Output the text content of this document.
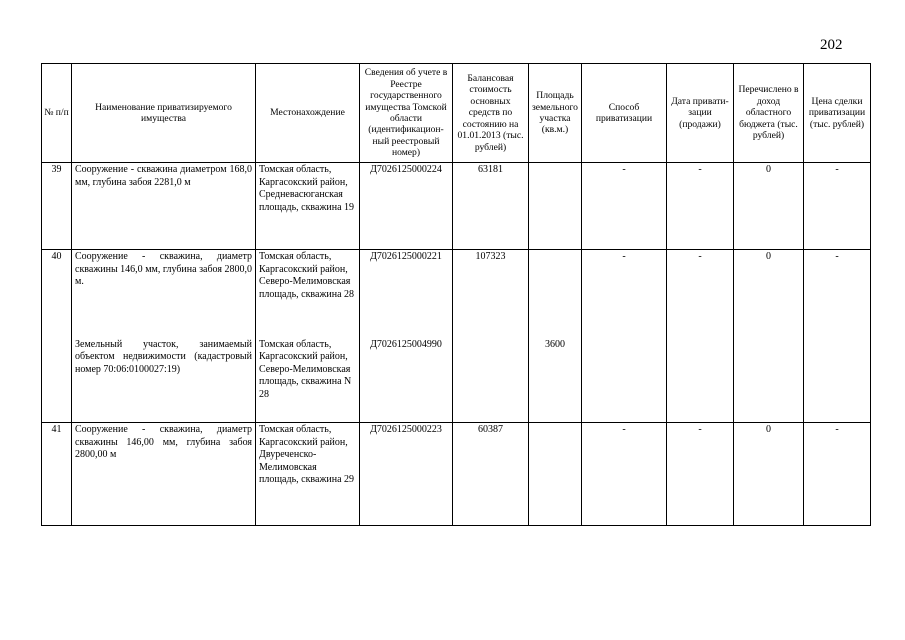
202
№ п/п	Наименование приватизируемого имущества	Местонахождение	Сведения об учете в Реестре государственного имущества Томской области (идентификацион-ный реестровый номер)	Балансовая стоимость основных средств по состоянию на 01.01.2013 (тыс. рублей)	Площадь земельного участка (кв.м.)	Способ приватизации	Дата привати-зации (продажи)	Перечислено в доход областного бюджета (тыс. рублей)	Цена сделки приватизации (тыс. рублей)
39	Сооружение - скважина диаметром 168,0 мм, глубина забоя 2281,0 м	Томская область, Каргасокский район, Средневасюганская площадь, скважина 19	Д7026125000224	63181		-	-	0	-
40	Сооружение - скважина, диаметр скважины 146,0 мм, глубина забоя 2800,0 м.	Томская область, Каргасокский район, Северо-Мелимовская площадь, скважина 28	Д7026125000221	107323		-	-	0	-
	Земельный участок, занимаемый объектом недвижимости (кадастровый номер 70:06:0100027:19)	Томская область, Каргасокский район, Северо-Мелимовская площадь, скважина N 28	Д7026125004990		3600				
41	Сооружение - скважина, диаметр скважины 146,00 мм, глубина забоя 2800,00 м	Томская область, Каргасокский район, Двуреченско-Мелимовская площадь, скважина 29	Д7026125000223	60387		-	-	0	-
